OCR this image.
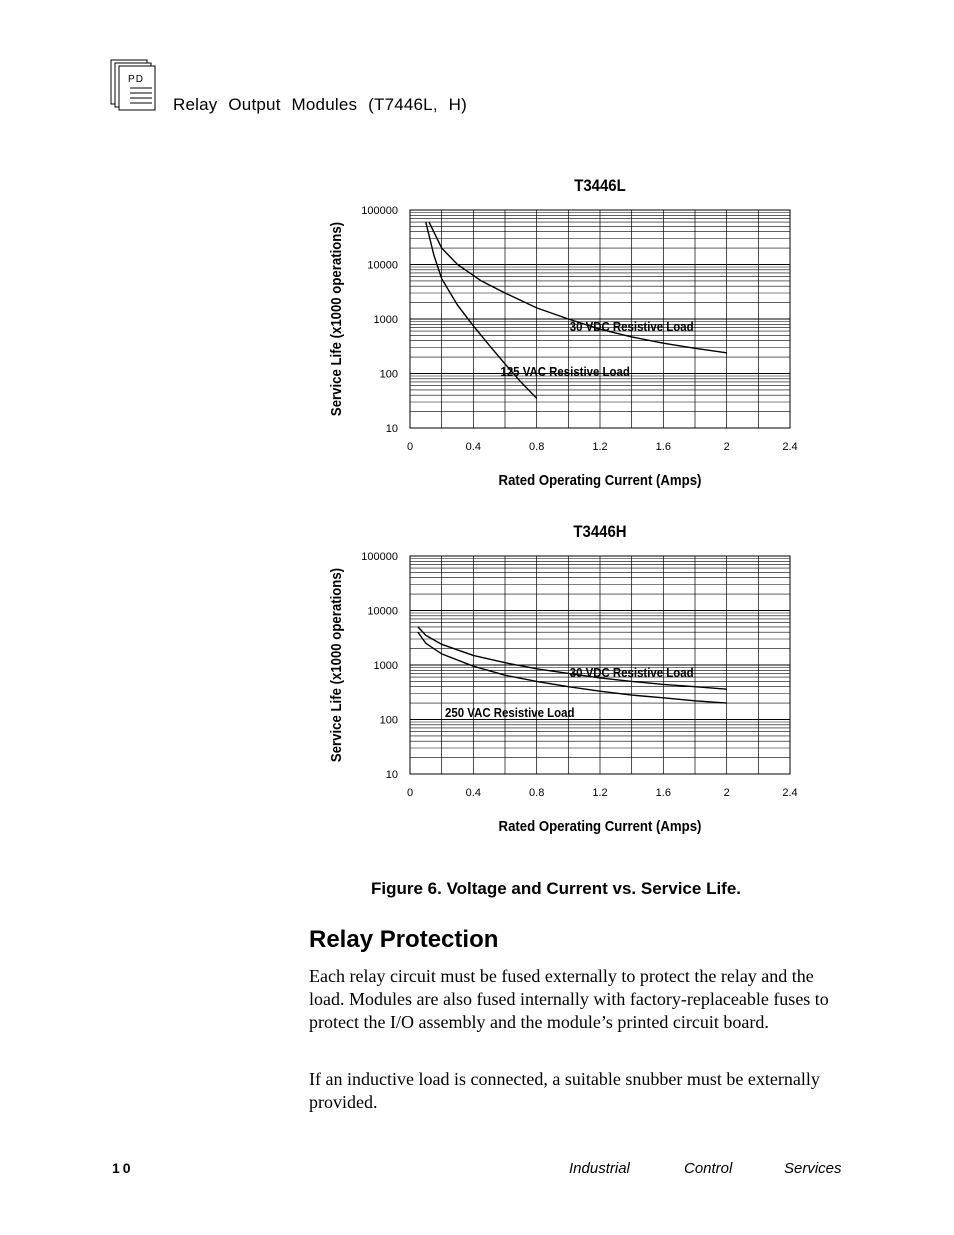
PD
Relay Output Modules (T7446L, H)
T3446L
10
100
1000
10000
100000
0	0.4	0.8	1.2	1.6	2	2.4
Rated Operating Current (Amps)
Service Life (x1000 operations)	30 VDC Resistive Load
125 VAC Resistive Load
T3446H
10
100
1000
10000
100000
0	0.4	0.8	1.2	1.6	2	2.4
Rated Operating Current (Amps)
Service Life (x1000 operations)	30 VDC Resistive Load
250 VAC Resistive Load
Figure 6. Voltage and Current vs. Service Life.
Relay Protection
Each relay circuit must be fused externally to protect the relay and the load. Modules are also fused internally with factory-replaceable fuses to protect the I/O assembly and the module’s printed circuit board.
If an inductive load is connected, a suitable snubber must be externally provided.
10	Industrial	Control	Services
